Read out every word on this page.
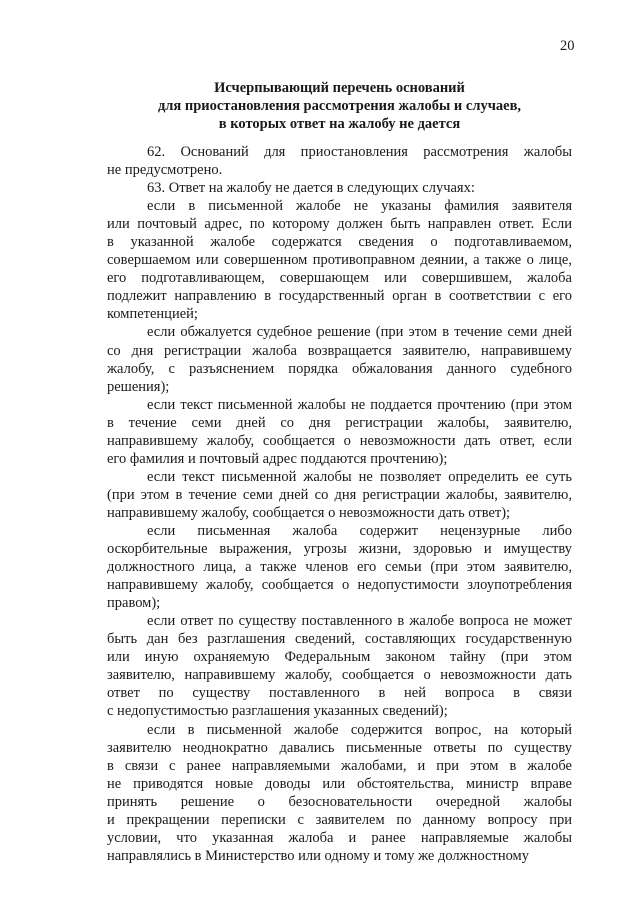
20
Исчерпывающий перечень оснований
для приостановления рассмотрения жалобы и случаев,
в которых ответ на жалобу не дается
62. Оснований для приостановления рассмотрения жалобы
не предусмотрено.
63. Ответ на жалобу не дается в следующих случаях:
если в письменной жалобе не указаны фамилия заявителя
или почтовый адрес, по которому должен быть направлен ответ. Если
в указанной жалобе содержатся сведения о подготавливаемом,
совершаемом или совершенном противоправном деянии, а также о лице,
его подготавливающем, совершающем или совершившем, жалоба
подлежит направлению в государственный орган в соответствии с его
компетенцией;
если обжалуется судебное решение (при этом в течение семи дней
со дня регистрации жалоба возвращается заявителю, направившему
жалобу, с разъяснением порядка обжалования данного судебного
решения);
если текст письменной жалобы не поддается прочтению (при этом
в течение семи дней со дня регистрации жалобы, заявителю,
направившему жалобу, сообщается о невозможности дать ответ, если
его фамилия и почтовый адрес поддаются прочтению);
если текст письменной жалобы не позволяет определить ее суть
(при этом в течение семи дней со дня регистрации жалобы, заявителю,
направившему жалобу, сообщается о невозможности дать ответ);
если письменная жалоба содержит нецензурные либо
оскорбительные выражения, угрозы жизни, здоровью и имуществу
должностного лица, а также членов его семьи (при этом заявителю,
направившему жалобу, сообщается о недопустимости злоупотребления
правом);
если ответ по существу поставленного в жалобе вопроса не может
быть дан без разглашения сведений, составляющих государственную
или иную охраняемую Федеральным законом тайну (при этом
заявителю, направившему жалобу, сообщается о невозможности дать
ответ по существу поставленного в ней вопроса в связи
с недопустимостью разглашения указанных сведений);
если в письменной жалобе содержится вопрос, на который
заявителю неоднократно давались письменные ответы по существу
в связи с ранее направляемыми жалобами, и при этом в жалобе
не приводятся новые доводы или обстоятельства, министр вправе
принять решение о безосновательности очередной жалобы
и прекращении переписки с заявителем по данному вопросу при
условии, что указанная жалоба и ранее направляемые жалобы
направлялись в Министерство или одному и тому же должностному
